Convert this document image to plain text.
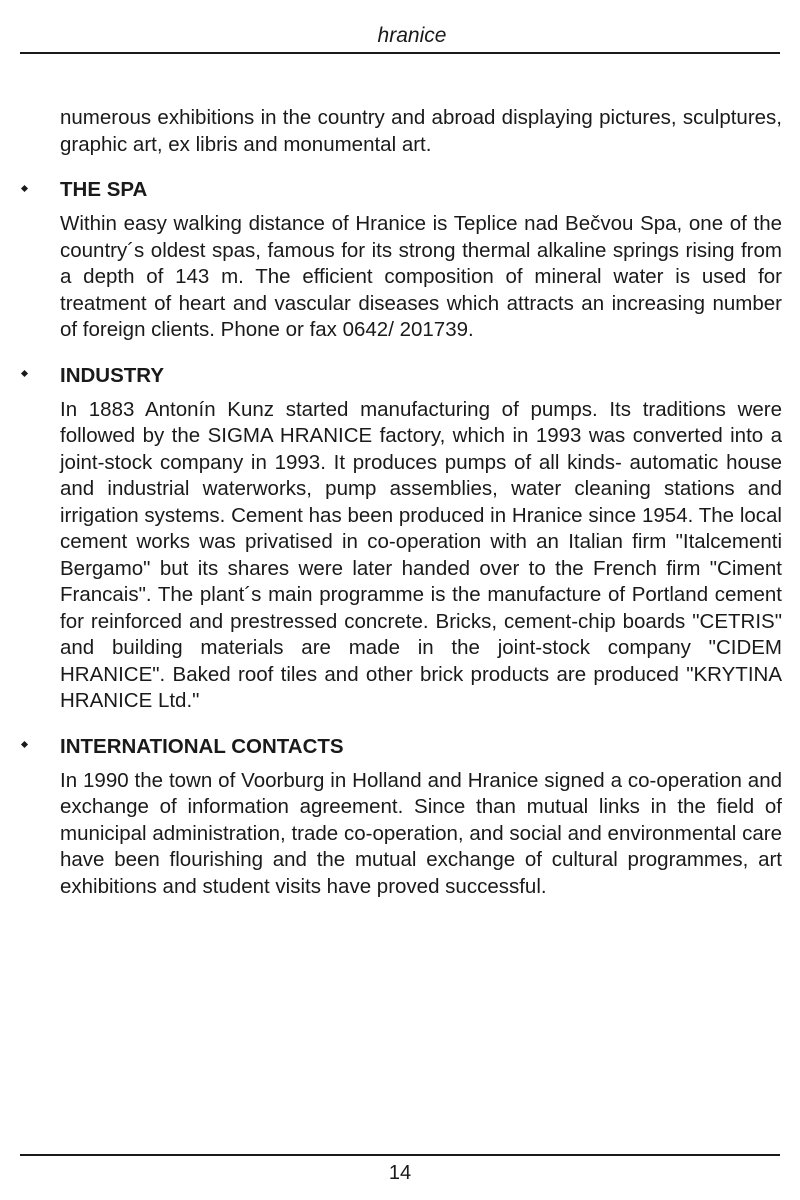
hranice

numerous exhibitions in the country and abroad displaying pictures, sculptures, graphic art, ex libris and monumental art.

THE SPA

Within easy walking distance of Hranice is Teplice nad Bečvou Spa, one of the country´s oldest spas, famous for its strong thermal alkaline springs rising from a depth of 143 m. The efficient composition of mineral water is used for treatment of heart and vascular diseases which attracts an increasing number of foreign clients. Phone or fax 0642/ 201739.

INDUSTRY

In 1883 Antonín Kunz started manufacturing of pumps. Its traditions were followed by the SIGMA HRANICE factory, which in 1993 was converted into a joint-stock company in 1993. It produces pumps of all kinds- automatic house and industrial waterworks, pump assemblies, water cleaning stations and irrigation systems. Cement has been produced in Hranice since 1954. The local cement works was privatised in co-operation with an Italian firm "Italcementi Bergamo" but its shares were later handed over to the French firm "Ciment Francais". The plant´s main programme is the manufacture of Portland cement for reinforced and prestressed concrete. Bricks, cement-chip boards "CETRIS" and building materials are made in the joint-stock company "CIDEM HRANICE". Baked roof tiles and other brick products are produced "KRYTINA HRANICE Ltd."

INTERNATIONAL CONTACTS

In 1990 the town of Voorburg in Holland and Hranice signed a co-operation and exchange of information agreement. Since than mutual links in the field of municipal administration, trade co-operation, and social and environmental care have been flourishing and the mutual exchange of cultural programmes, art exhibitions and student visits have proved successful.

14
